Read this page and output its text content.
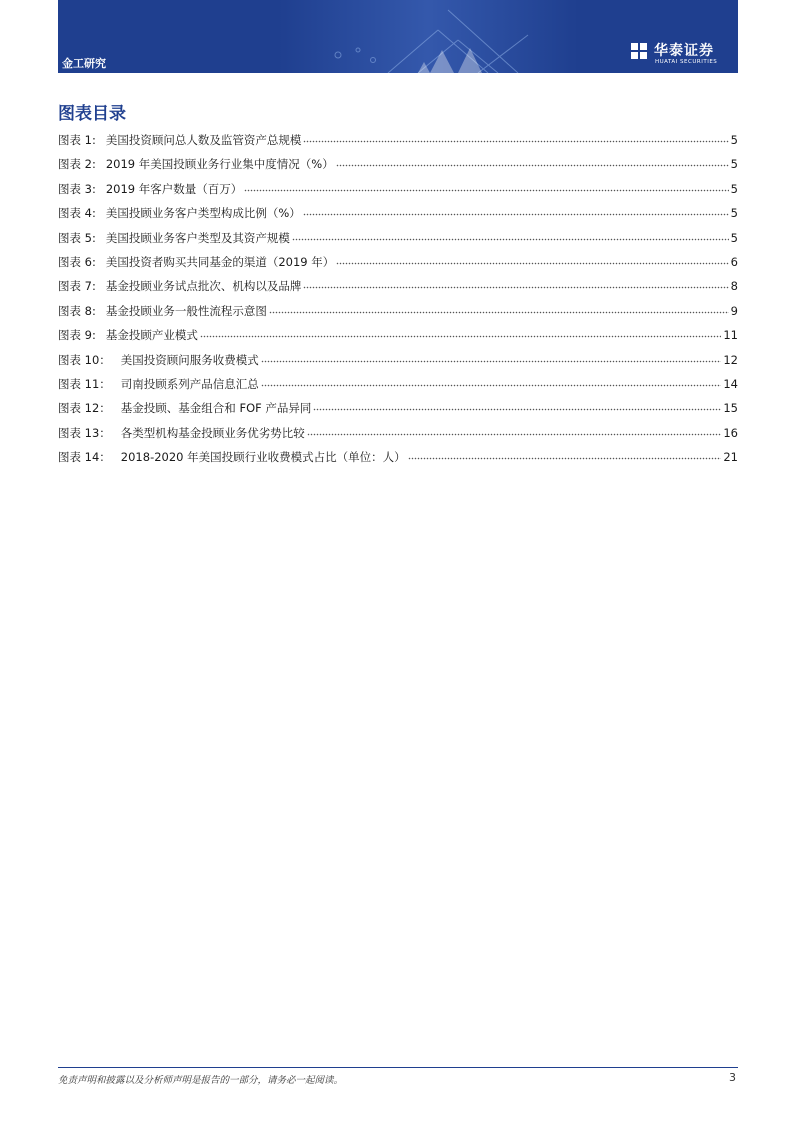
华泰证券
HUATAI SECURITIES
金工研究
图表目录
图表 1: 美国投资顾问总人数及监管资产总规模	5
图表 2: 2019 年美国投顾业务行业集中度情况（%）	5
图表 3: 2019 年客户数量（百万）	5
图表 4: 美国投顾业务客户类型构成比例（%）	5
图表 5: 美国投顾业务客户类型及其资产规模	5
图表 6: 美国投资者购买共同基金的渠道（2019 年）	6
图表 7: 基金投顾业务试点批次、机构以及品牌	8
图表 8: 基金投顾业务一般性流程示意图	9
图表 9: 基金投顾产业模式	11
图表 10： 美国投资顾问服务收费模式	12
图表 11： 司南投顾系列产品信息汇总	14
图表 12： 基金投顾、基金组合和 FOF 产品异同	15
图表 13： 各类型机构基金投顾业务优劣势比较	16
图表 14： 2018-2020 年美国投顾行业收费模式占比（单位：人）	21
免责声明和披露以及分析师声明是报告的一部分，请务必一起阅读。	3
